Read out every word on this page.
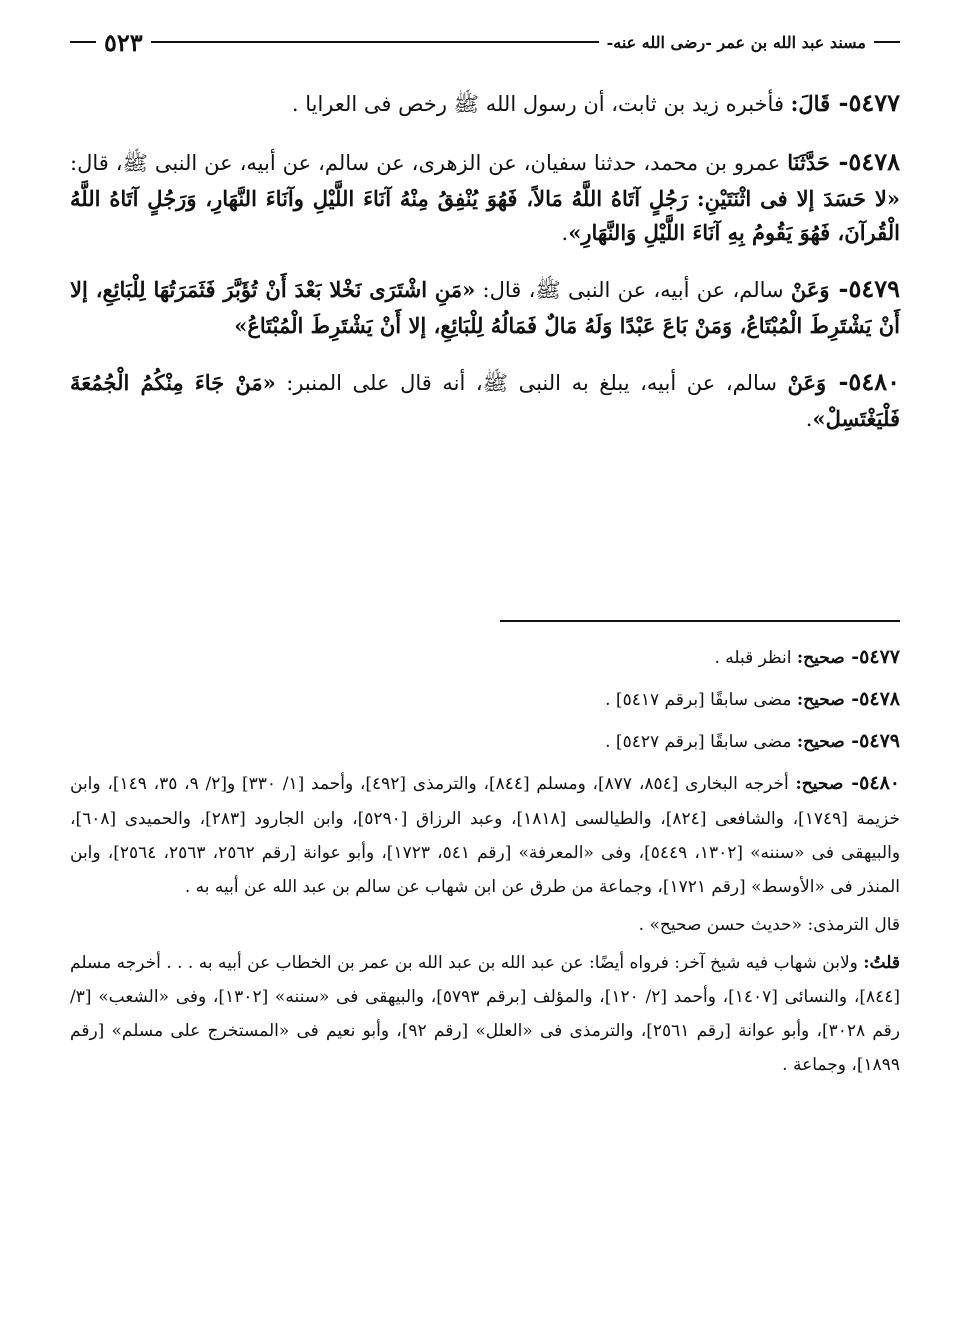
مسند عبد الله بن عمر -رضى الله عنه-
٥٢٣

٥٤٧٧- قَالَ: فأخبره زيد بن ثابت، أن رسول الله ﷺ رخص فى العرايا .

٥٤٧٨- حَدَّثَنَا عمرو بن محمد، حدثنا سفيان، عن الزهرى، عن سالم، عن أبيه، عن النبى ﷺ، قال: «لا حَسَدَ إلا فى اثْنَتَيْنِ: رَجُلٍ آتَاهُ اللَّهُ مَالاً، فَهُوَ يُنْفِقُ مِنْهُ آنَاءَ اللَّيْلِ وآنَاءَ النَّهَارِ، وَرَجُلٍ آتَاهُ اللَّهُ الْقُرآنَ، فَهُوَ يَقُومُ بِهِ آنَاءَ اللَّيْلِ وَالنَّهَارِ».

٥٤٧٩- وَعَنْ سالم، عن أبيه، عن النبى ﷺ، قال: «مَنِ اشْتَرَى نَخْلا بَعْدَ أَنْ تُؤَبَّرَ فَثَمَرَتُهَا لِلْبَائِعِ، إلا أَنْ يَشْتَرِطَ الْمُبْتَاعُ، وَمَنْ بَاعَ عَبْدًا وَلَهُ مَالٌ فَمَالُهُ لِلْبَائِعِ، إلا أَنْ يَشْتَرِطَ الْمُبْتَاعُ»

٥٤٨٠- وَعَنْ سالم، عن أبيه، يبلغ به النبى ﷺ، أنه قال على المنبر: «مَنْ جَاءَ مِنْكُمُ الْجُمُعَةَ فَلْيَغْتَسِلْ».

٥٤٧٧- صحيح: انظر قبله .

٥٤٧٨- صحيح: مضى سابقًا [برقم ٥٤١٧] .

٥٤٧٩- صحيح: مضى سابقًا [برقم ٥٤٢٧] .

٥٤٨٠- صحيح: أخرجه البخارى [٨٥٤، ٨٧٧]، ومسلم [٨٤٤]، والترمذى [٤٩٢]، وأحمد [١/ ٣٣٠] و[٢/ ٩، ٣٥، ١٤٩]، وابن خزيمة [١٧٤٩]، والشافعى [٨٢٤]، والطيالسى [١٨١٨]، وعبد الرزاق [٥٢٩٠]، وابن الجارود [٢٨٣]، والحميدى [٦٠٨]، والبيهقى فى «سننه» [١٣٠٢، ٥٤٤٩]، وفى «المعرفة» [رقم ٥٤١، ١٧٢٣]، وأبو عوانة [رقم ٢٥٦٢، ٢٥٦٣، ٢٥٦٤]، وابن المنذر فى «الأوسط» [رقم ١٧٢١]، وجماعة من طرق عن ابن شهاب عن سالم بن عبد الله عن أبيه به .

قال الترمذى: «حديث حسن صحيح» .

قلتُ: ولابن شهاب فيه شيخ آخر: فرواه أيضًا: عن عبد الله بن عبد الله بن عمر بن الخطاب عن أبيه به . . . أخرجه مسلم [٨٤٤]، والنسائى [١٤٠٧]، وأحمد [٢/ ١٢٠]، والمؤلف [برقم ٥٧٩٣]، والبيهقى فى «سننه» [١٣٠٢]، وفى «الشعب» [٣/ رقم ٣٠٢٨]، وأبو عوانة [رقم ٢٥٦١]، والترمذى فى «العلل» [رقم ٩٢]، وأبو نعيم فى «المستخرج على مسلم» [رقم ١٨٩٩]، وجماعة .
